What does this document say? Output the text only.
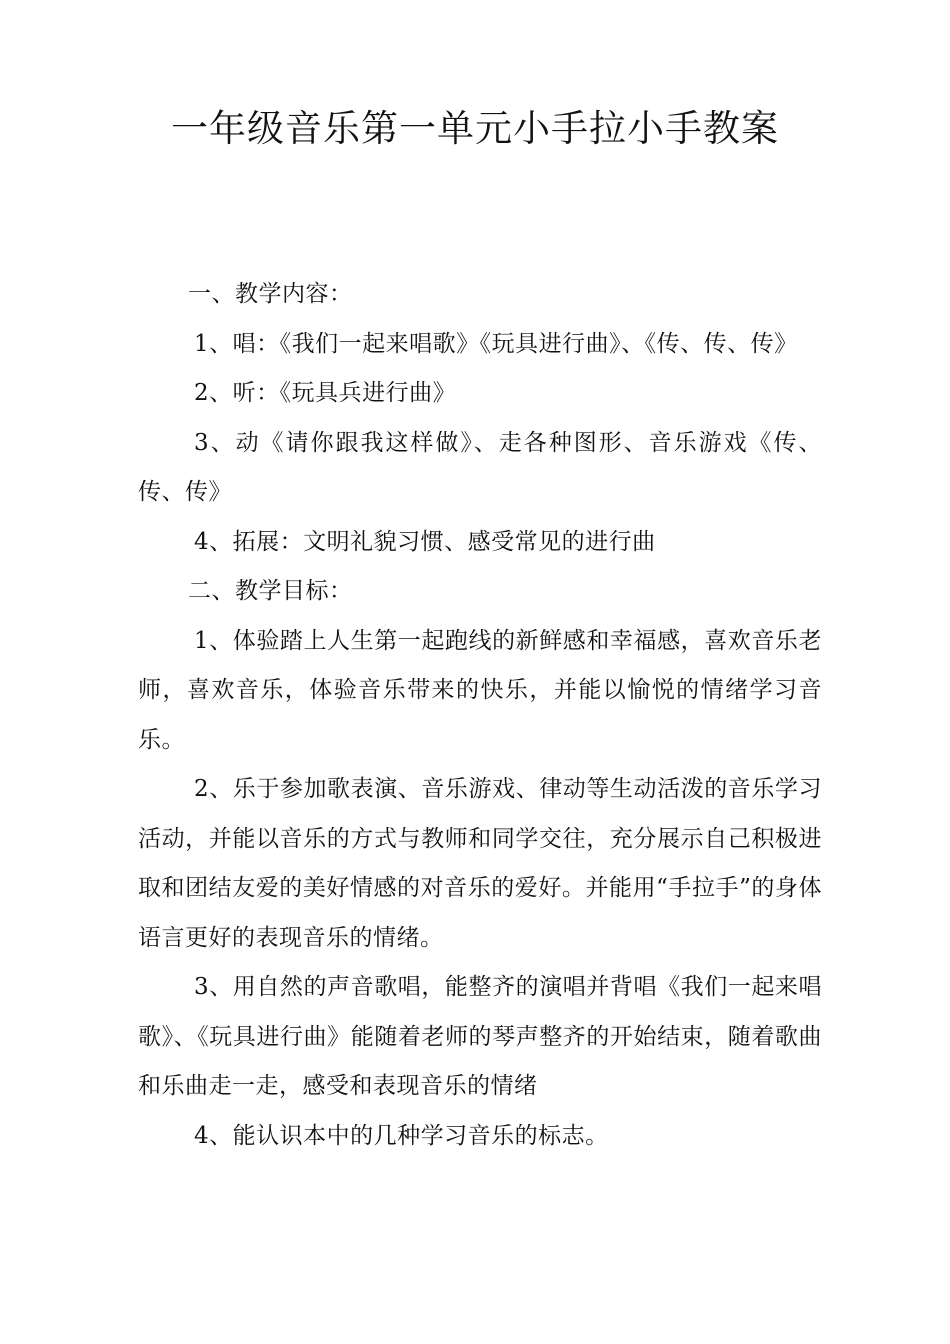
一年级音乐第一单元小手拉小手教案

一、教学内容：

1、唱：《我们一起来唱歌》《玩具进行曲》、《传、传、传》

2、听：《玩具兵进行曲》

3、动《请你跟我这样做》、走各种图形、音乐游戏《传、传、传》

4、拓展：文明礼貌习惯、感受常见的进行曲

二、教学目标：

1、体验踏上人生第一起跑线的新鲜感和幸福感，喜欢音乐老师，喜欢音乐，体验音乐带来的快乐，并能以愉悦的情绪学习音乐。

2、乐于参加歌表演、音乐游戏、律动等生动活泼的音乐学习活动，并能以音乐的方式与教师和同学交往，充分展示自己积极进取和团结友爱的美好情感的对音乐的爱好。并能用“手拉手”的身体语言更好的表现音乐的情绪。

3、用自然的声音歌唱，能整齐的演唱并背唱《我们一起来唱歌》、《玩具进行曲》能随着老师的琴声整齐的开始结束，随着歌曲和乐曲走一走，感受和表现音乐的情绪

4、能认识本中的几种学习音乐的标志。
